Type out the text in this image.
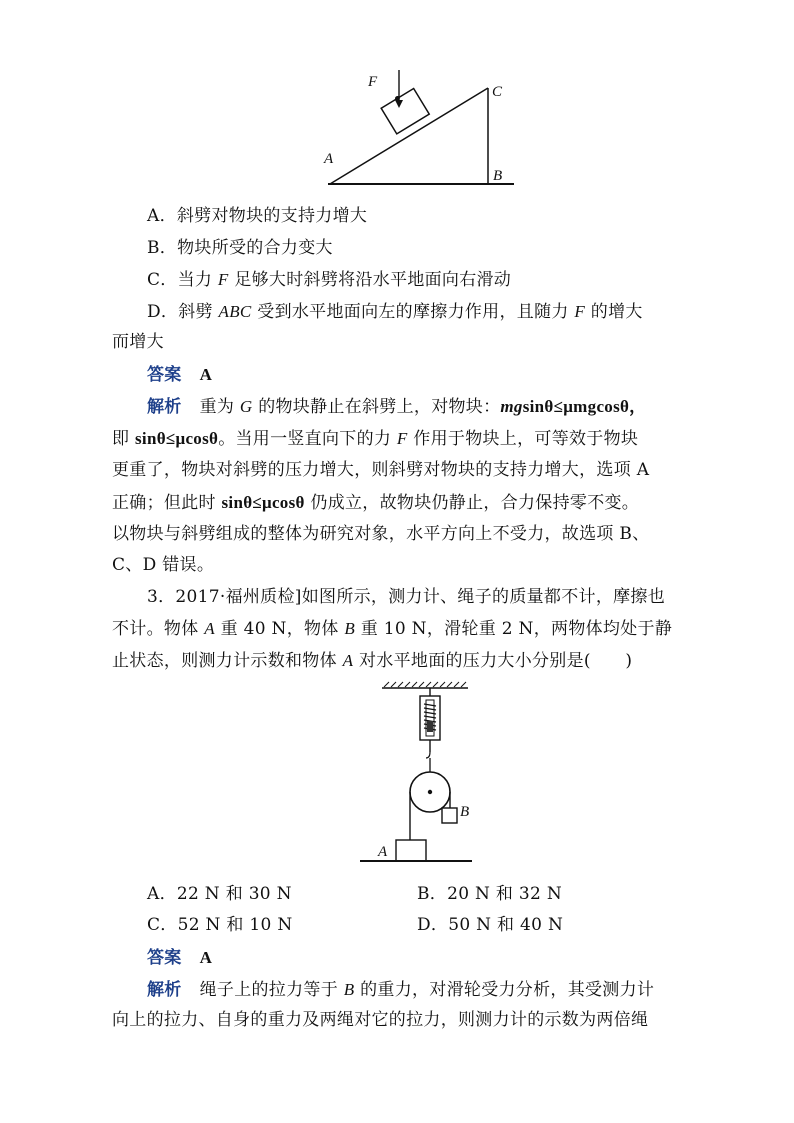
F
A
B
C
A．斜劈对物块的支持力增大
B．物块所受的合力变大
C．当力 F 足够大时斜劈将沿水平地面向右滑动
D．斜劈 ABC 受到水平地面向左的摩擦力作用，且随力 F 的增大
而增大
答案 A
解析 重为 G 的物块静止在斜劈上，对物块：mgsinθ≤μmgcosθ，
即 sinθ≤μcosθ。当用一竖直向下的力 F 作用于物块上，可等效于物块
更重了，物块对斜劈的压力增大，则斜劈对物块的支持力增大，选项 A
正确；但此时 sinθ≤μcosθ 仍成立，故物块仍静止，合力保持零不变。
以物块与斜劈组成的整体为研究对象，水平方向上不受力，故选项 B、
C、D 错误。
3．2017·福州质检]如图所示，测力计、绳子的质量都不计，摩擦也
不计。物体 A 重 40 N，物体 B 重 10 N，滑轮重 2 N，两物体均处于静
止状态，则测力计示数和物体 A 对水平地面的压力大小分别是(　　)
A
B
A．22 N 和 30 N	B．20 N 和 32 N
C．52 N 和 10 N	D．50 N 和 40 N
答案 A
解析 绳子上的拉力等于 B 的重力，对滑轮受力分析，其受测力计
向上的拉力、自身的重力及两绳对它的拉力，则测力计的示数为两倍绳
